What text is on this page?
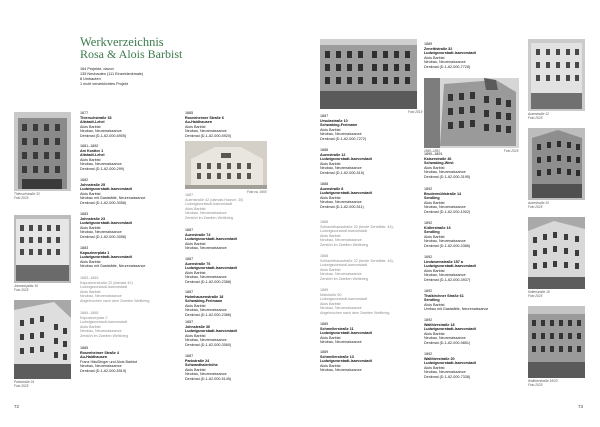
Werkverzeichnis
Rosa & Alois Barbist
164 Projekte, davon
135 Neubauten (111 Einzeldenkmale)
8 Umbauten
1 nicht verwirklichtes Projekt
Thierschstraße 33
Foto 2025
Johannisplatz 16
Foto 2025
Parkstraße 24
Foto 2025
1877
Thierschstraße 33
Altstadt-Lehel
Alois Barbist
Neubau, Neurenaissance
Denkmal (D-1-62-000-6905)
1881–1882
Am Kosttor 1
Altstadt-Lehel
Alois Barbist
Neubau, Neurenaissance
Denkmal (D-1-62-000-299)
1882
Johnstraße 25
Ludwigsvorstadt-Isarvorstadt
Alois Barbist
Neubau mit Gaststätte, Neurenaissance
Denkmal (D-1-62-000-3058)
1883
Johnstraße 23
Ludwigsvorstadt-Isarvorstadt
Alois Barbist
Neubau, Neurenaissance
Denkmal (D-1-62-000-3056)
1883
Kapuzinerplatz 1
Ludwigsvorstadt-Isarvorstadt
Alois Barbist
Neubau mit Gaststätte, Neurenaissance
1883–1883
Kapuzinerstraße 22 (damals 42)
Ludwigsvorstadt-Isarvorstadt
Alois Barbist
Neubau, Neurenaissance
Abgebrochen nach dem Zweiten Weltkrieg
1884–1885
Kapuzinerplatz 2
Ludwigsvorstadt-Isarvorstadt
Alois Barbist
Neubau, Neurenaissance
Zerstört im Zweiten Weltkrieg
1885
Rosenheimer Straße 4
Au-Haidhausen
Franz Häußlinger und Alois Barbist
Neubau, Neurenaissance
Denkmal (D-1-62-000-5919)
1885
Rosenheimer Straße 6
Au-Haidhausen
Alois Barbist
Neubau, Neurenaissance
Denkmal (D-1-62-000-5920)
Foto ca. 1900
1887
Auenstraße 42 (damals Hausnr. 30)
Ludwigsvorstadt-Isarvorstadt
Alois Barbist
Neubau, Neurenaissance
Zerstört im Zweiten Weltkrieg
1887
Auenstraße 74
Ludwigsvorstadt-Isarvorstadt
Alois Barbist
Neubau, Neurenaissance
1887
Auenstraße 76
Ludwigsvorstadt-Isarvorstadt
Alois Barbist
Neubau, Neurenaissance
Denkmal (D-1-62-000-2388)
1887
Holmhausenstraße 18
Schwabing-Freimann
Alois Barbist
Neubau, Neurenaissance
Denkmal (D-1-62-000-2386)
1887
Johnstraße 36
Ludwigsvorstadt-Isarvorstadt
Alois Barbist
Neubau, Neurenaissance
Denkmal (D-1-62-000-3060)
1887
Parkstraße 24
Schwanthalerhöhe
Alois Barbist
Neubau, Neurenaissance
Denkmal (D-1-62-000-5145)
72
Foto 2019
1887
Ursulastraße 10
Schwabing-Freimann
Alois Barbist
Neubau, Neurenaissance
Denkmal (D-1-62-000-7272)
1888
Auenstraße 12
Ludwigsvorstadt-Isarvorstadt
Alois Barbist
Neubau, Neurenaissance
Denkmal (D-1-62-000-515)
1888
Auenstraße 8
Ludwigsvorstadt-Isarvorstadt
Alois Barbist
Neubau, Neurenaissance
Denkmal (D-1-62-000-511)
1888
Schlachthausstraße 20 (heute Zenettistr. 44),
Ludwigsvorstadt-Isarvorstadt
Alois Barbist
Neubau, Neurenaissance
Zerstört im Zweiten Weltkrieg
1888
Schlachthausstraße 22 (heute Zenettistr. 46),
Ludwigsvorstadt-Isarvorstadt
Alois Barbist
Neubau, Neurenaissance
Zerstört im Zweiten Weltkrieg
1889
Maistraße 50
Ludwigsvorstadt-Isarvorstadt
Alois Barbist
Neubau, Neurenaissance
Abgebrochen nach dem Zweiten Weltkrieg
1889
Schmellerstraße 11
Ludwigsvorstadt-Isarvorstadt
Alois Barbist
Neubau, Neurenaissance
1889
Schmellerstraße 13
Ludwigsvorstadt-Isarvorstadt
Alois Barbist
Neubau, Neurenaissance
1889
Zenettistraße 32
Ludwigsvorstadt-Isarvorstadt
Alois Barbist
Neubau, Neurenaissance
Denkmal (D-1-62-000-7728)
1890–1891	Foto 2025
1890–1891
Kaiserstraße 46
Schwabing-West
Alois Barbist
Neubau, Neurenaissance
Denkmal (D-1-62-000-3195)
1892
Brudermühlstraße 14
Sendling
Alois Barbist
Neubau, Neurenaissance
Denkmal (D-1-62-000-1002)
1892
Kidlerstraße 16
Sendling
Alois Barbist
Neubau, Neurenaissance
Denkmal (D-1-62-000-3386)
1892
Lindwurmstraße 157 a
Ludwigsvorstadt-Isarvorstadt
Alois Barbist
Neubau, Neurenaissance
Denkmal (D-1-62-000-3937)
1892
Thalkirchner Straße 61
Sendling
Alois Barbist
Umbau mit Gaststätte, Neurenaissance
1892
Walthierstraße 18
Ludwigsvorstadt-Isarvorstadt
Alois Barbist
Neubau, Neurenaissance
Denkmal (D-1-62-000-9851)
1892
Walthierstraße 20
Ludwigsvorstadt-Isarvorstadt
Alois Barbist
Neubau, Neurenaissance
Denkmal (D-1-62-000-7338)
Auenstraße 12
Foto 2025
Auenstraße 10
Foto 2025
Kidlerstraße 16
Foto 2025
Walthierstraße 18/20
Foto 2025
73
